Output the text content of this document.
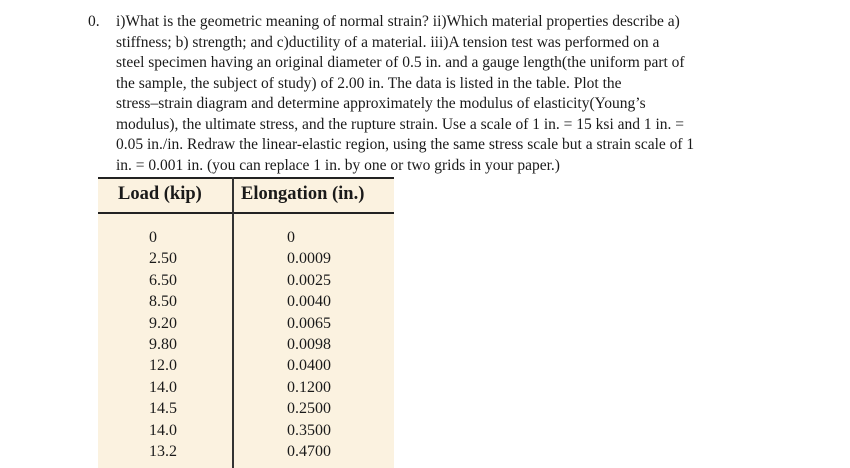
0. i)What is the geometric meaning of normal strain? ii)Which material properties describe a)
stiffness; b) strength; and c)ductility of a material. iii)A tension test was performed on a
steel specimen having an original diameter of 0.5 in. and a gauge length(the uniform part of
the sample, the subject of study) of 2.00 in. The data is listed in the table. Plot the
stress–strain diagram and determine approximately the modulus of elasticity(Young’s
modulus), the ultimate stress, and the rupture strain. Use a scale of 1 in. = 15 ksi and 1 in. =
0.05 in./in. Redraw the linear-elastic region, using the same stress scale but a strain scale of 1
in. = 0.001 in. (you can replace 1 in. by one or two grids in your paper.)
Load (kip) Elongation (in.)
0
2.50
6.50
8.50
9.20
9.80
12.0
14.0
14.5
14.0
13.2
0
0.0009
0.0025
0.0040
0.0065
0.0098
0.0400
0.1200
0.2500
0.3500
0.4700
